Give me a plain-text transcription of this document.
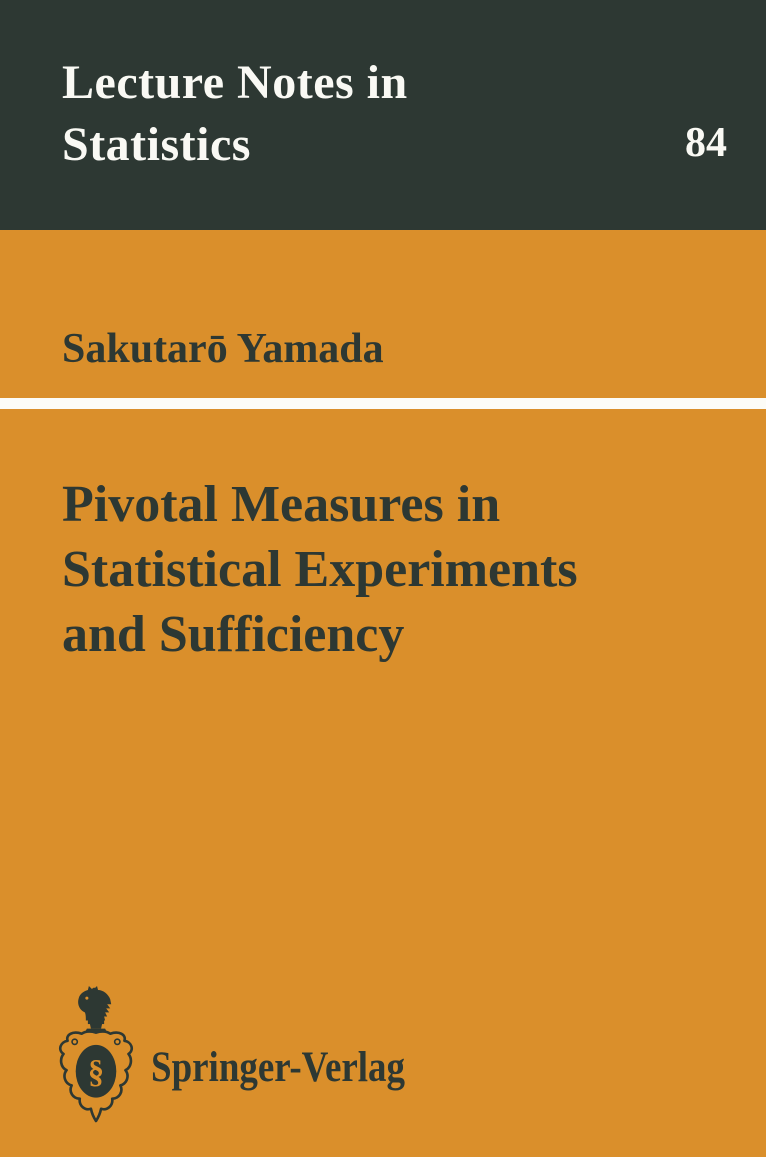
Lecture Notes in
Statistics	84
Sakutarō Yamada
Pivotal Measures in
Statistical Experiments
and Sufficiency
§ Springer-Verlag
